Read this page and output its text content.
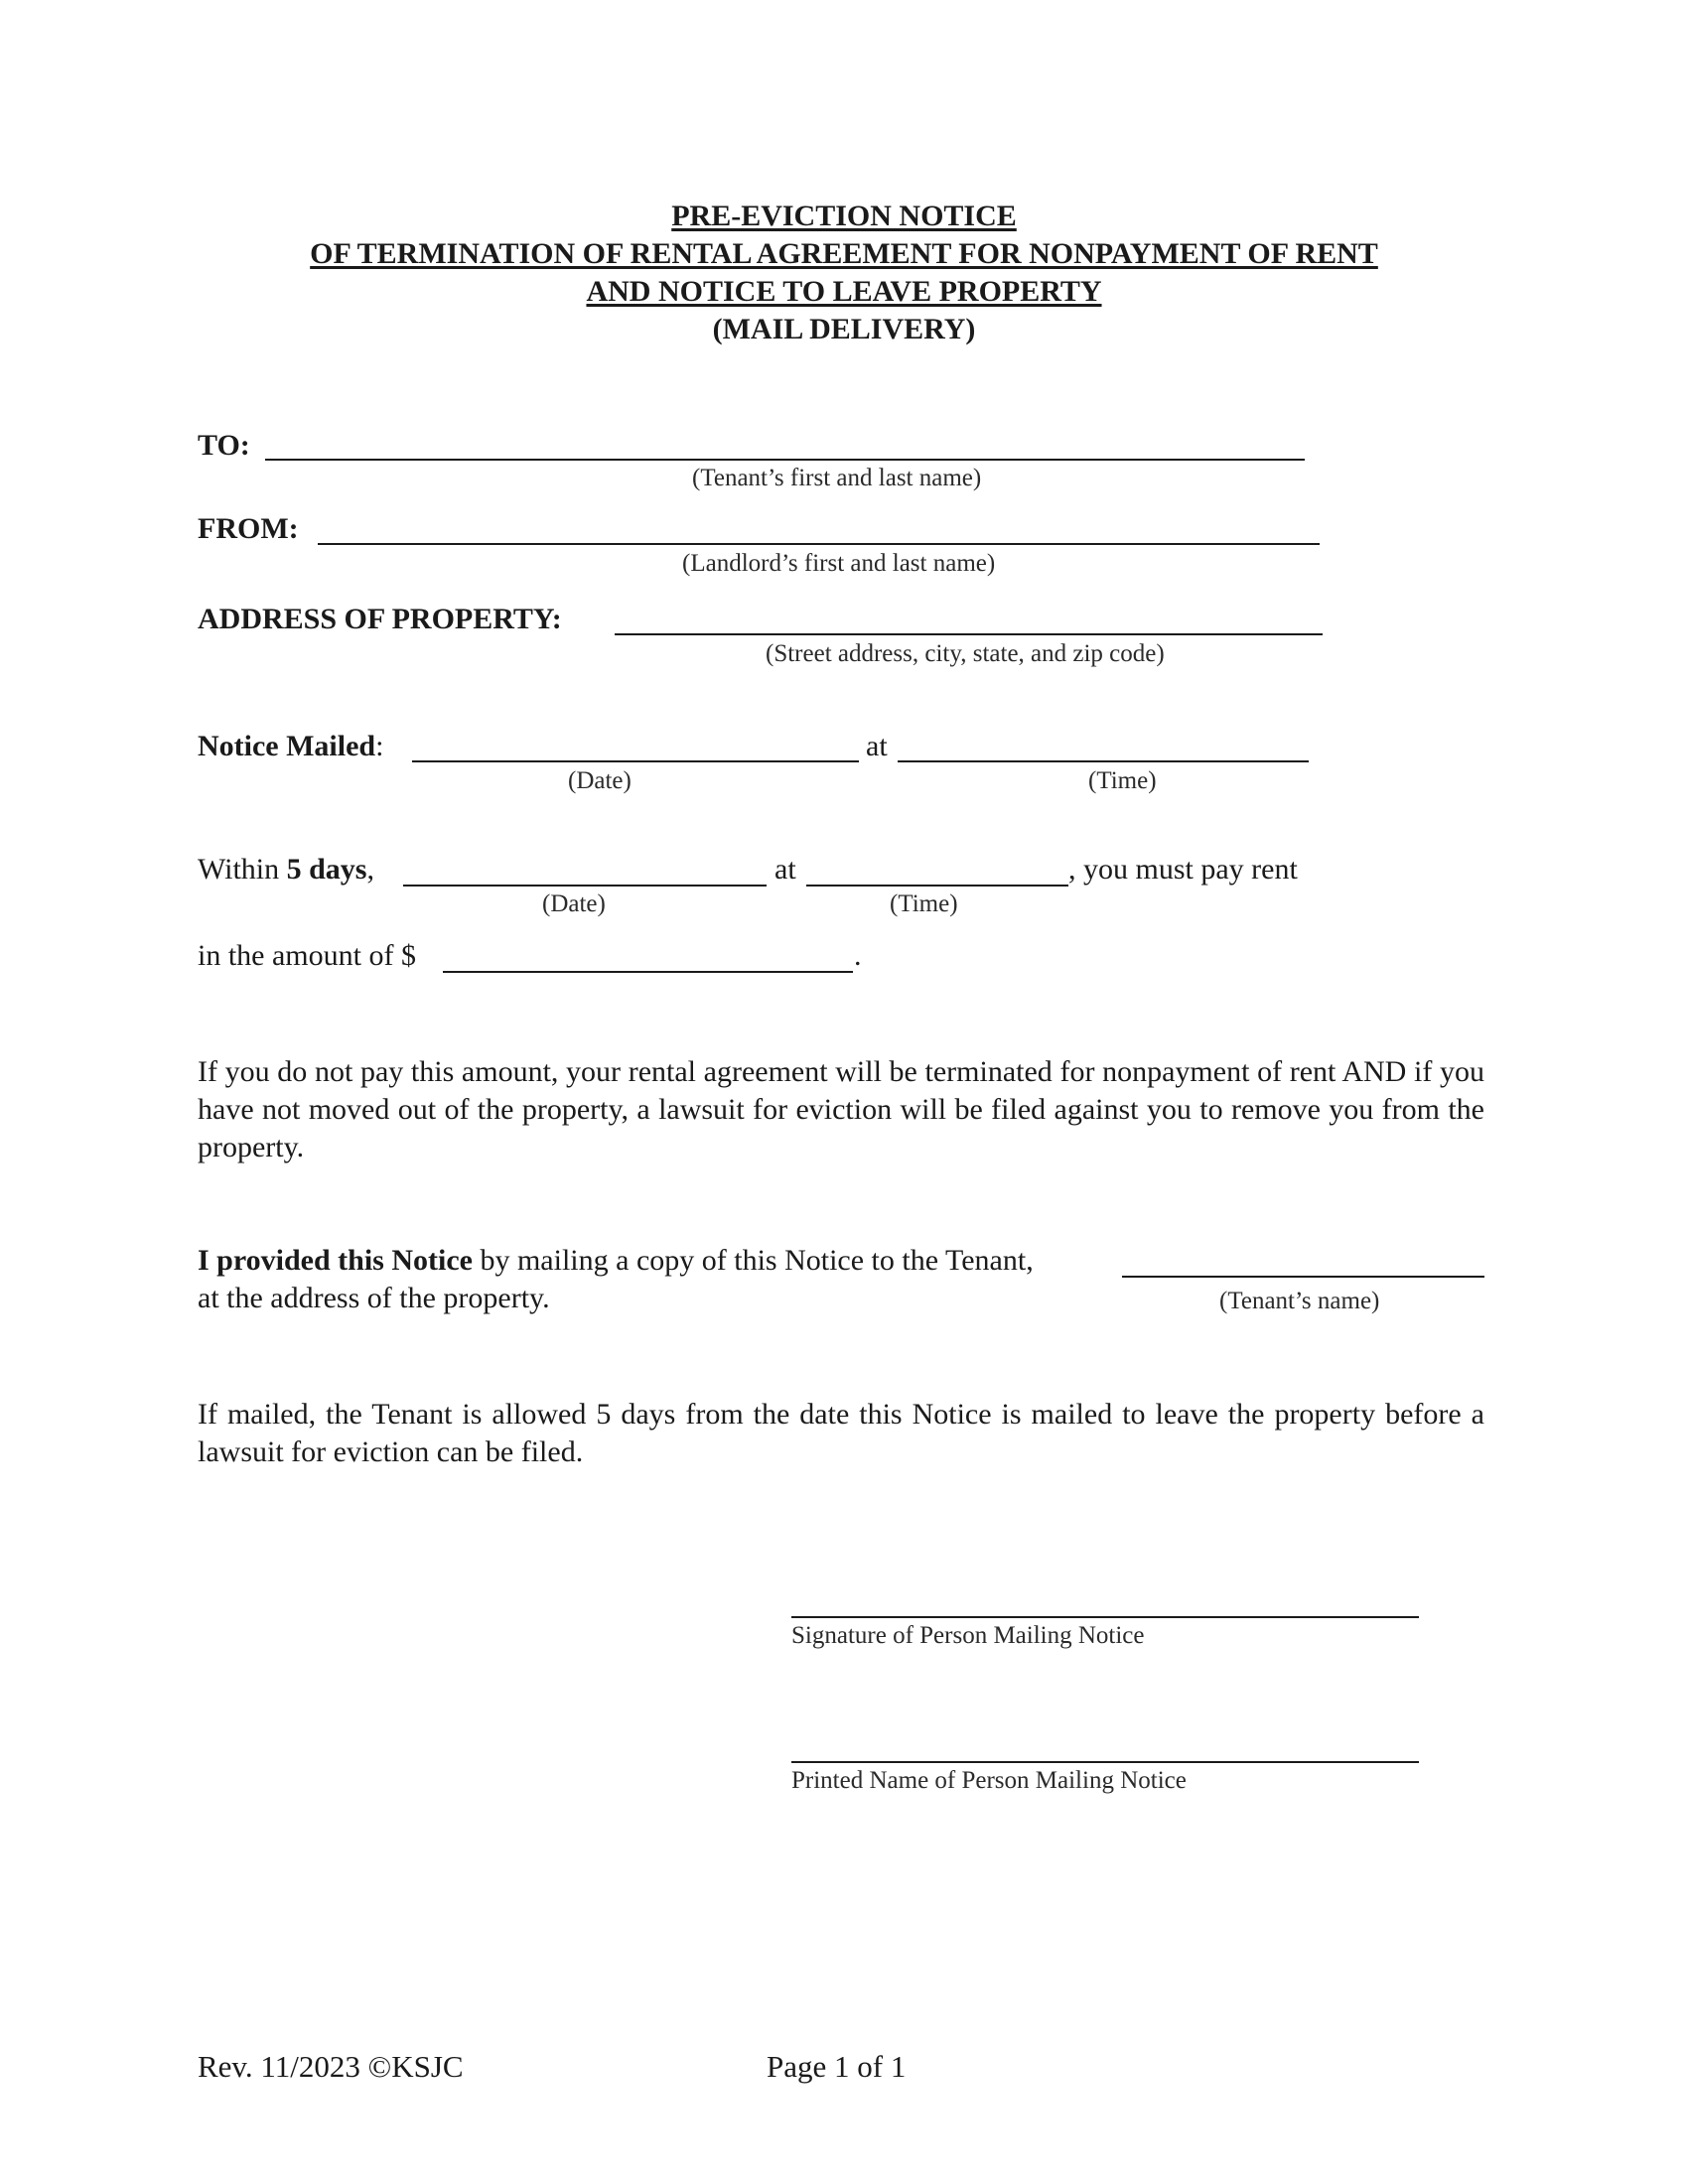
PRE-EVICTION NOTICE
OF TERMINATION OF RENTAL AGREEMENT FOR NONPAYMENT OF RENT
AND NOTICE TO LEAVE PROPERTY
(MAIL DELIVERY)
TO:
(Tenant’s first and last name)
FROM:
(Landlord’s first and last name)
ADDRESS OF PROPERTY:
(Street address, city, state, and zip code)
Notice Mailed:	at
(Date)	(Time)
Within 5 days,	at	, you must pay rent
(Date)	(Time)
in the amount of $	.
If you do not pay this amount, your rental agreement will be terminated for nonpayment of rent AND if you have not moved out of the property, a lawsuit for eviction will be filed against you to remove you from the property.
I provided this Notice by mailing a copy of this Notice to the Tenant,
at the address of the property.	(Tenant’s name)
If mailed, the Tenant is allowed 5 days from the date this Notice is mailed to leave the property before a lawsuit for eviction can be filed.
Signature of Person Mailing Notice
Printed Name of Person Mailing Notice
Rev. 11/2023 ©KSJC	Page 1 of 1
